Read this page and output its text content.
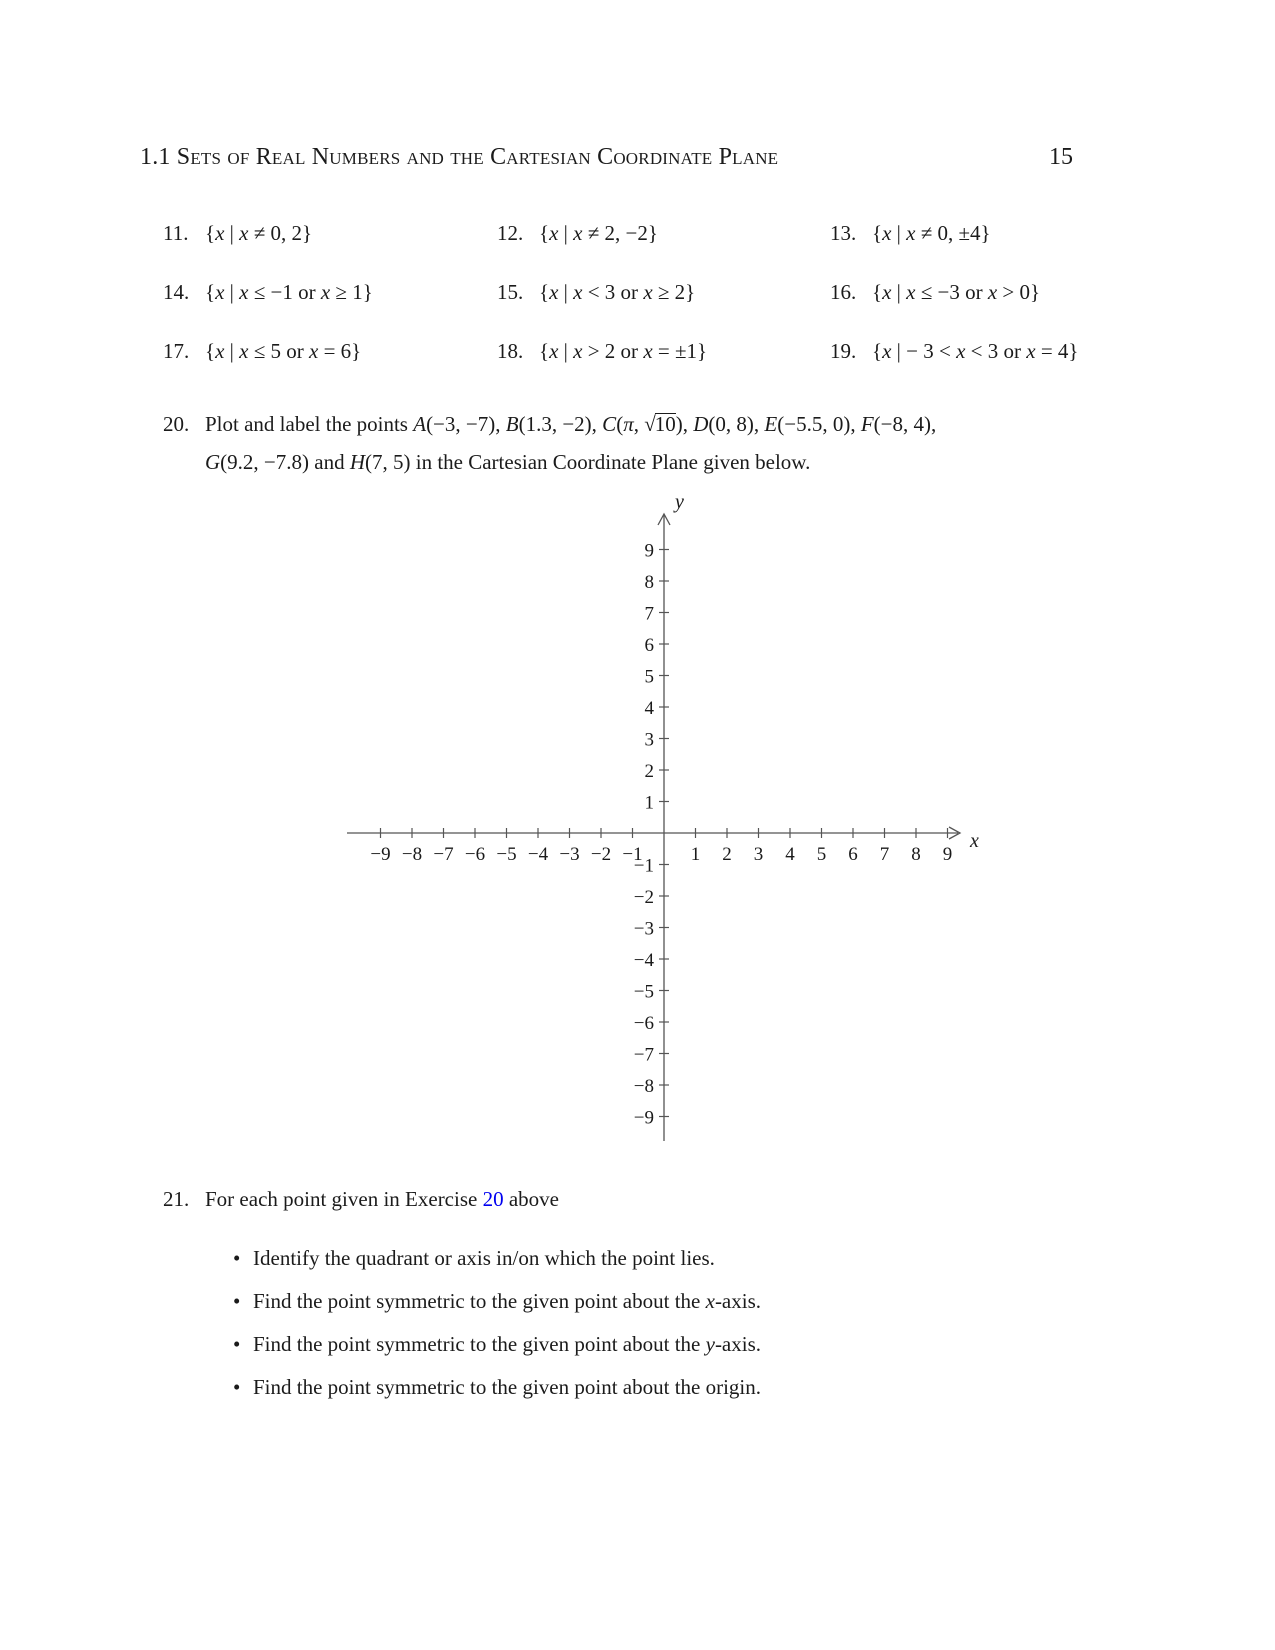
1.1 Sets of Real Numbers and the Cartesian Coordinate Plane	15
11. {x | x ≠ 0, 2}	12. {x | x ≠ 2, −2}	13. {x | x ≠ 0, ±4}
14. {x | x ≤ −1 or x ≥ 1}	15. {x | x < 3 or x ≥ 2}	16. {x | x ≤ −3 or x > 0}
17. {x | x ≤ 5 or x = 6}	18. {x | x > 2 or x = ±1}	19. {x | − 3 < x < 3 or x = 4}
20. Plot and label the points A(−3, −7), B(1.3, −2), C(π, √10), D(0, 8), E(−5.5, 0), F(−8, 4),
G(9.2, −7.8) and H(7, 5) in the Cartesian Coordinate Plane given below.
−9 −8 −7 −6 −5 −4 −3 −2 −1	1 2 3 4 5 6 7 8 9
−9
−8
−7
−6
−5
−4
−3
−2
−1
1
2
3
4
5
6
7
8
9
x
y
21. For each point given in Exercise 20 above
• Identify the quadrant or axis in/on which the point lies.
• Find the point symmetric to the given point about the x-axis.
• Find the point symmetric to the given point about the y-axis.
• Find the point symmetric to the given point about the origin.
